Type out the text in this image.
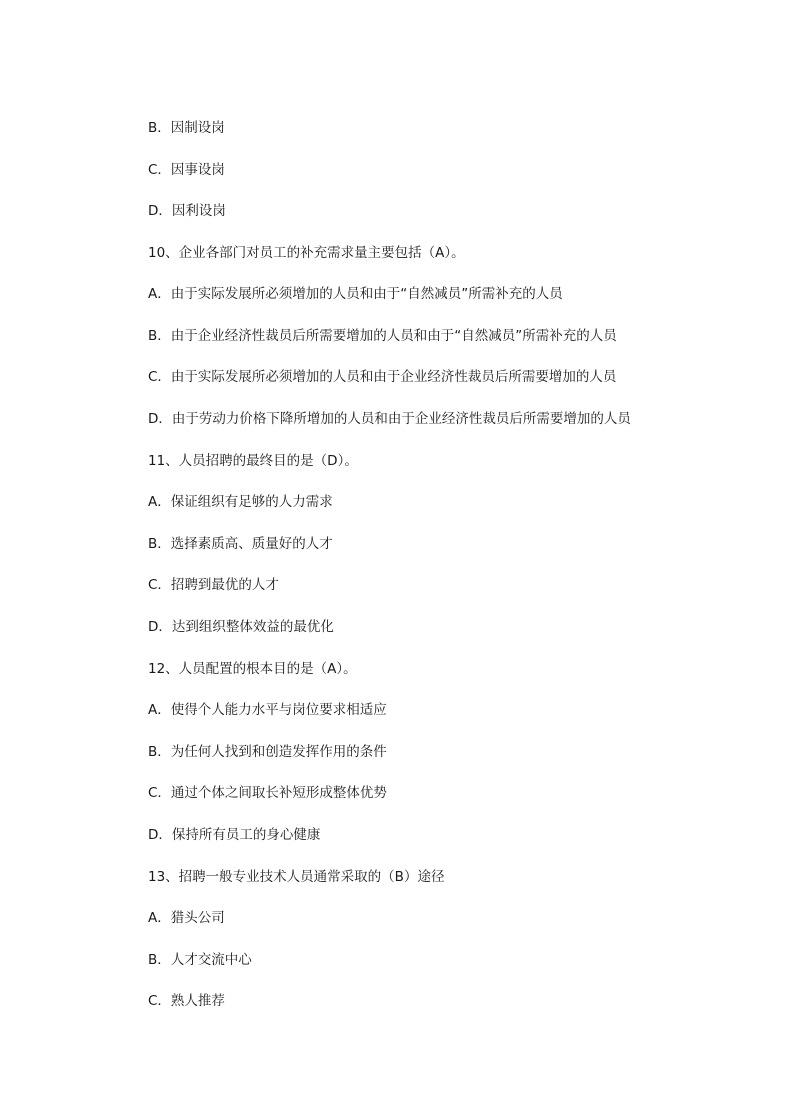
B．因制设岗
C．因事设岗
D．因利设岗
10、企业各部门对员工的补充需求量主要包括（A）。
A．由于实际发展所必须增加的人员和由于“自然减员”所需补充的人员
B．由于企业经济性裁员后所需要增加的人员和由于“自然减员”所需补充的人员
C．由于实际发展所必须增加的人员和由于企业经济性裁员后所需要增加的人员
D．由于劳动力价格下降所增加的人员和由于企业经济性裁员后所需要增加的人员
11、人员招聘的最终目的是（D）。
A．保证组织有足够的人力需求
B．选择素质高、质量好的人才
C．招聘到最优的人才
D．达到组织整体效益的最优化
12、人员配置的根本目的是（A）。
A．使得个人能力水平与岗位要求相适应
B．为任何人找到和创造发挥作用的条件
C．通过个体之间取长补短形成整体优势
D．保持所有员工的身心健康
13、招聘一般专业技术人员通常采取的（B）途径
A．猎头公司
B．人才交流中心
C．熟人推荐
